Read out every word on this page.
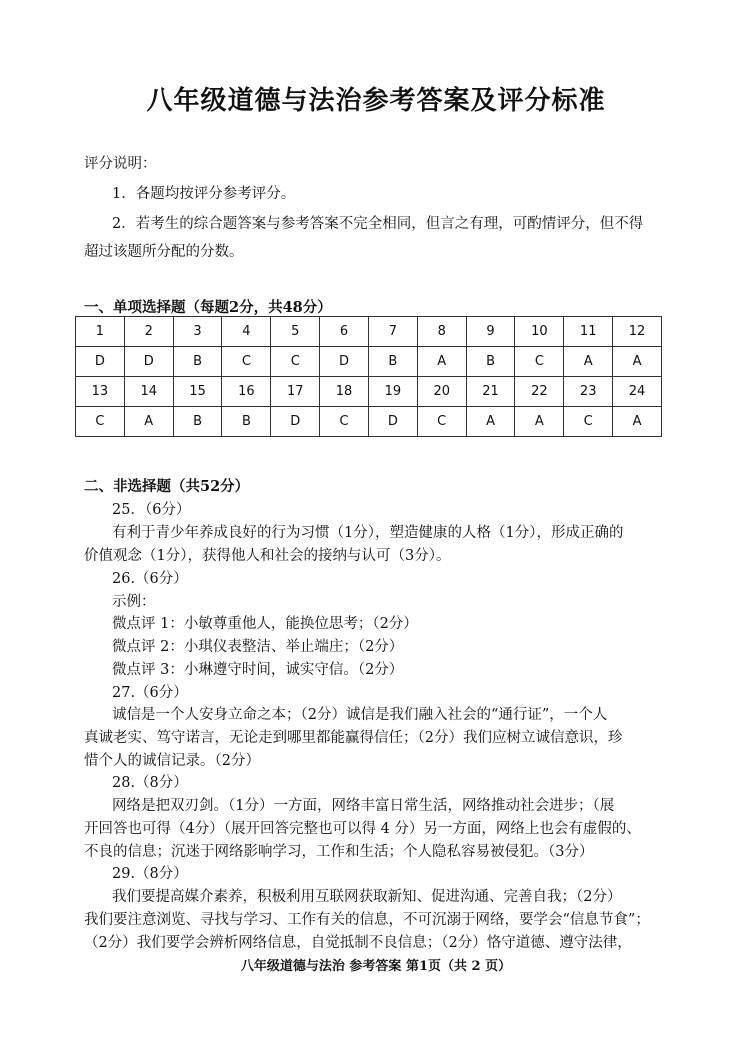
八年级道德与法治参考答案及评分标准
评分说明：
1．各题均按评分参考评分。
2．若考生的综合题答案与参考答案不完全相同，但言之有理，可酌情评分，但不得
超过该题所分配的分数。
一、单项选择题（每题2分，共48分）
1	2	3	4	5	6	7	8	9	10	11	12
D	D	B	C	C	D	B	A	B	C	A	A
13	14	15	16	17	18	19	20	21	22	23	24
C	A	B	B	D	C	D	C	A	A	C	A
二、非选择题（共52分）
25．（6分）
有利于青少年养成良好的行为习惯（1分），塑造健康的人格（1分），形成正确的
价值观念（1分），获得他人和社会的接纳与认可（3分）。
26.（6分）
示例：
微点评 1：小敏尊重他人，能换位思考；（2分）
微点评 2：小琪仪表整洁、举止端庄；（2分）
微点评 3：小琳遵守时间，诚实守信。（2分）
27.（6分）
诚信是一个人安身立命之本；（2分）诚信是我们融入社会的“通行证”，一个人
真诚老实、笃守诺言，无论走到哪里都能赢得信任；（2分）我们应树立诚信意识，珍
惜个人的诚信记录。（2分）
28.（8分）
网络是把双刃剑。（1分）一方面，网络丰富日常生活，网络推动社会进步；（展
开回答也可得（4分）（展开回答完整也可以得 4 分）另一方面，网络上也会有虚假的、
不良的信息；沉迷于网络影响学习，工作和生活；个人隐私容易被侵犯。（3分）
29.（8分）
我们要提高媒介素养，积极利用互联网获取新知、促进沟通、完善自我；（2分）
我们要注意浏览、寻找与学习、工作有关的信息，不可沉溺于网络，要学会“信息节食”；
（2分）我们要学会辨析网络信息，自觉抵制不良信息；（2分）恪守道德、遵守法律，
八年级道德与法治 参考答案 第1页（共 2 页）
